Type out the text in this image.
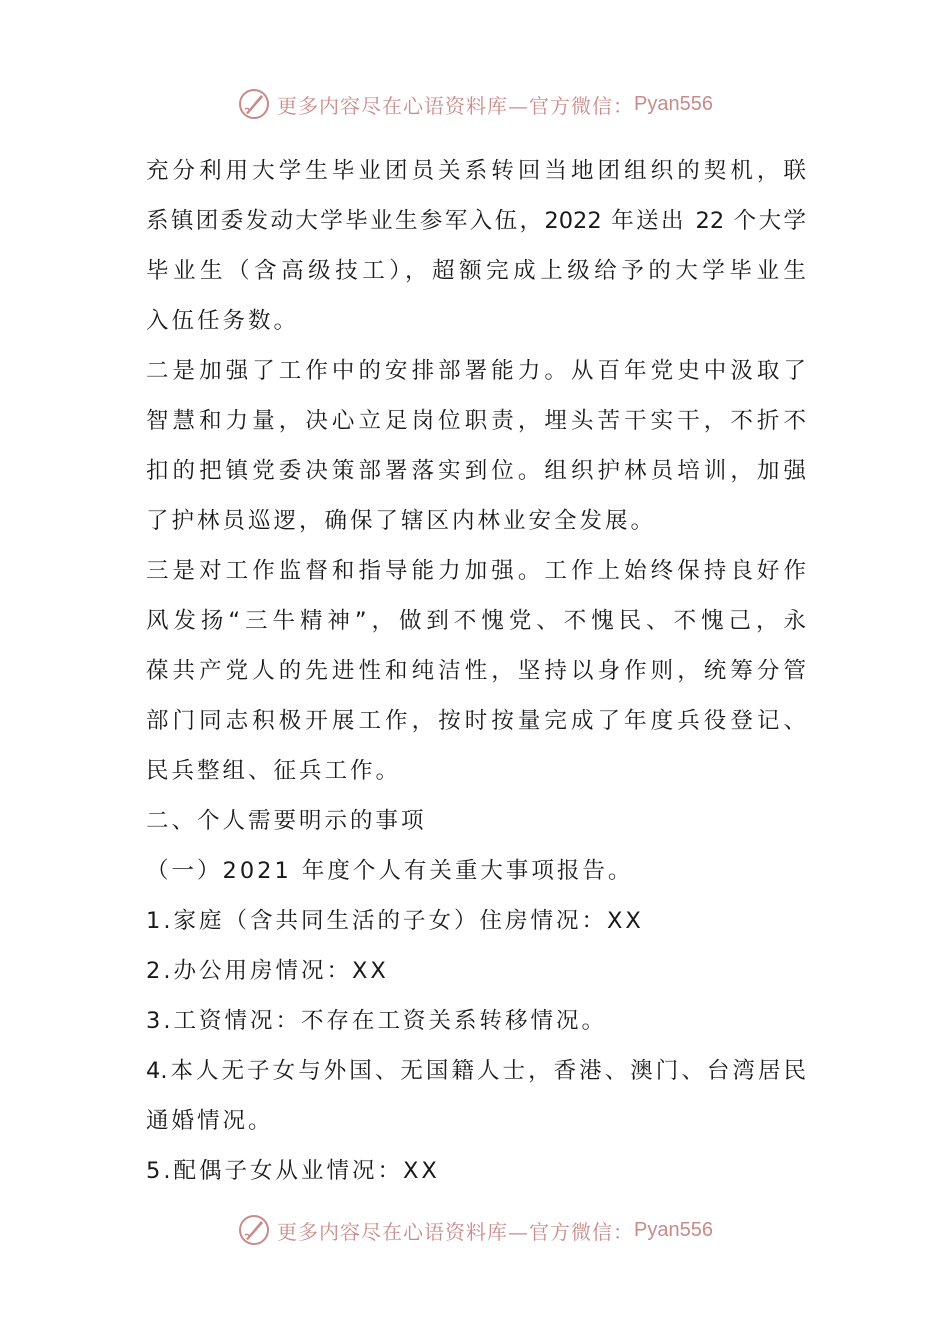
更多内容尽在心语资料库—官方微信： Pyan556
充分利用大学生毕业团员关系转回当地团组织的契机，联
系镇团委发动大学毕业生参军入伍，2022 年送出 22 个大学
毕业生（含高级技工），超额完成上级给予的大学毕业生
入伍任务数。
二是加强了工作中的安排部署能力。从百年党史中汲取了
智慧和力量，决心立足岗位职责，埋头苦干实干，不折不
扣的把镇党委决策部署落实到位。组织护林员培训，加强
了护林员巡逻，确保了辖区内林业安全发展。
三是对工作监督和指导能力加强。工作上始终保持良好作
风发扬“三牛精神”，做到不愧党、不愧民、不愧己，永
葆共产党人的先进性和纯洁性，坚持以身作则，统筹分管
部门同志积极开展工作，按时按量完成了年度兵役登记、
民兵整组、征兵工作。
二、个人需要明示的事项
（一）2021 年度个人有关重大事项报告。
1.家庭（含共同生活的子女）住房情况：XX
2.办公用房情况：XX
3.工资情况：不存在工资关系转移情况。
4.本人无子女与外国、无国籍人士，香港、澳门、台湾居民
通婚情况。
5.配偶子女从业情况：XX
更多内容尽在心语资料库—官方微信： Pyan556
